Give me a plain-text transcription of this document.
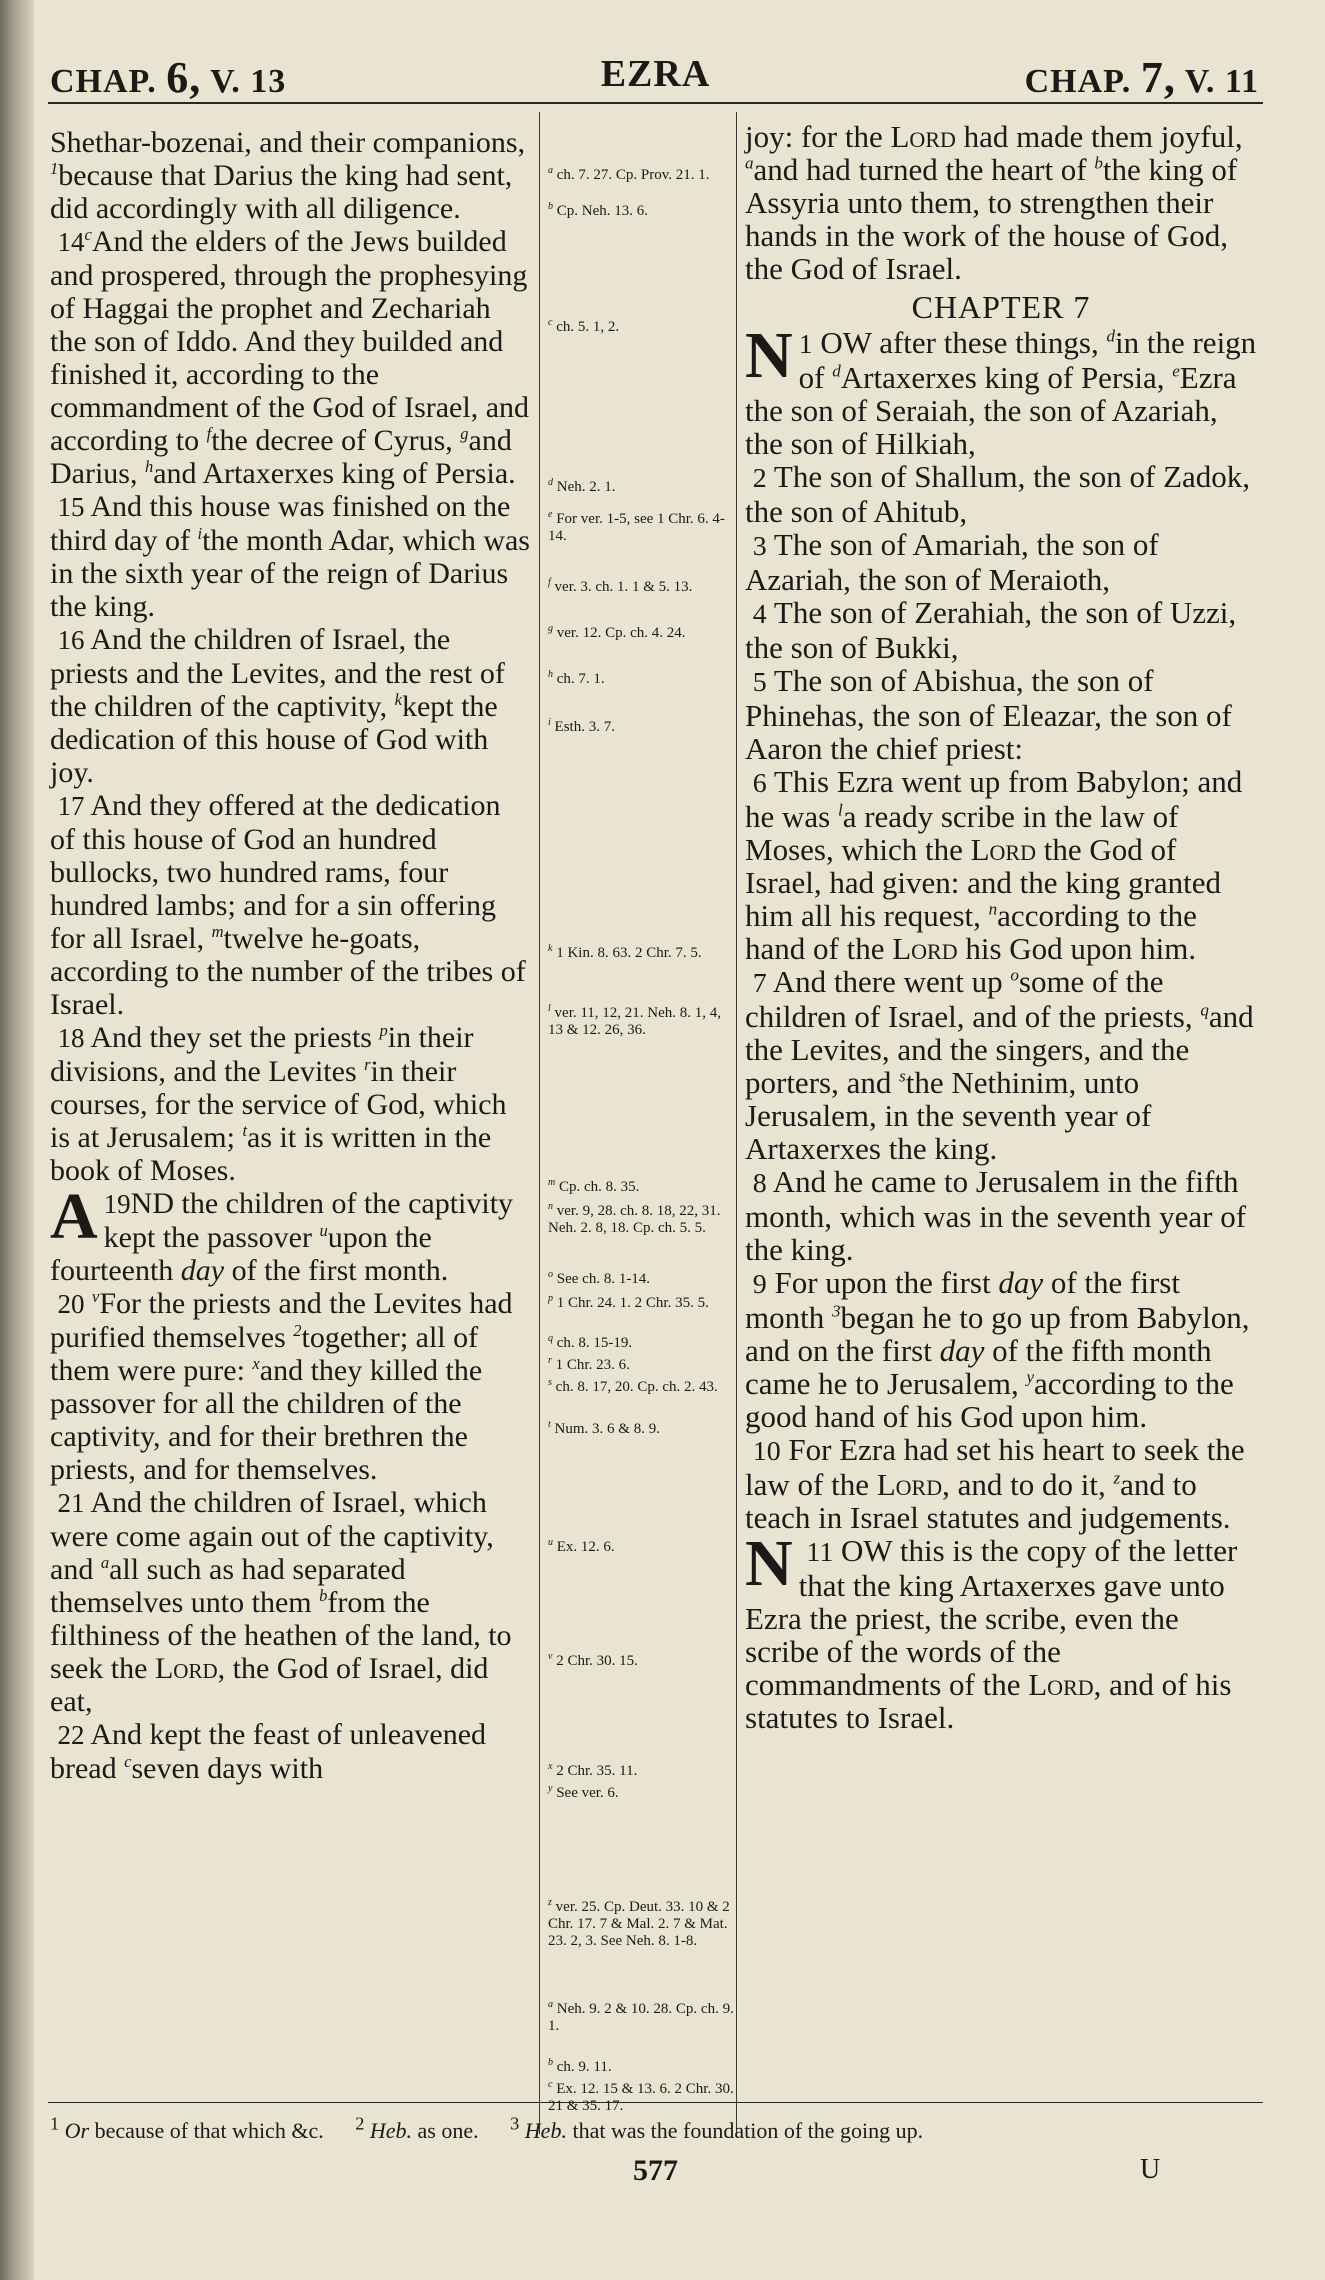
CHAP. 6, V. 13	EZRA	CHAP. 7, V. 11

Shethar-bozenai, and their companions, $^1$because that Darius the king had sent, did accordingly with all diligence.

14$^c$And the elders of the Jews builded and prospered, through the prophesying of Haggai the prophet and Zechariah the son of Iddo. And they builded and finished it, according to the commandment of the God of Israel, and according to $^f$the decree of Cyrus, $^g$and Darius, $^h$and Artaxerxes king of Persia.

15 And this house was finished on the third day of $^i$the month Adar, which was in the sixth year of the reign of Darius the king.

16 And the children of Israel, the priests and the Levites, and the rest of the children of the captivity, $^k$kept the dedication of this house of God with joy.

17 And they offered at the dedication of this house of God an hundred bullocks, two hundred rams, four hundred lambs; and for a sin offering for all Israel, $^m$twelve he-goats, according to the number of the tribes of Israel.

18 And they set the priests $^p$in their divisions, and the Levites $^r$in their courses, for the service of God, which is at Jerusalem; $^t$as it is written in the book of Moses.

19
A ND the children of the captivity kept the passover $^u$upon the fourteenth day of the first month.

20 $^v$For the priests and the Levites had purified themselves $^2$together; all of them were pure: $^x$and they killed the passover for all the children of the captivity, and for their brethren the priests, and for themselves.

21 And the children of Israel, which were come again out of the captivity, and $^a$all such as had separated themselves unto them $^b$from the filthiness of the heathen of the land, to seek the Lord, the God of Israel, did eat,

22 And kept the feast of unleavened bread $^c$seven days with

$^a$ ch. 7. 27. Cp. Prov. 21. 1.
$^b$ Cp. Neh. 13. 6.
$^c$ ch. 5. 1, 2.
$^d$ Neh. 2. 1.
$^e$ For ver. 1-5, see 1 Chr. 6. 4-14.
$^f$ ver. 3. ch. 1. 1 & 5. 13.
$^g$ ver. 12. Cp. ch. 4. 24.
$^h$ ch. 7. 1.
$^i$ Esth. 3. 7.
$^k$ 1 Kin. 8. 63. 2 Chr. 7. 5.
$^l$ ver. 11, 12, 21. Neh. 8. 1, 4, 13 & 12. 26, 36.
$^m$ Cp. ch. 8. 35.
$^n$ ver. 9, 28. ch. 8. 18, 22, 31. Neh. 2. 8, 18. Cp. ch. 5. 5.
$^o$ See ch. 8. 1-14.
$^p$ 1 Chr. 24. 1. 2 Chr. 35. 5.
$^q$ ch. 8. 15-19.
$^r$ 1 Chr. 23. 6.
$^s$ ch. 8. 17, 20. Cp. ch. 2. 43.
$^t$ Num. 3. 6 & 8. 9.
$^u$ Ex. 12. 6.
$^v$ 2 Chr. 30. 15.
$^x$ 2 Chr. 35. 11.
$^y$ See ver. 6.
$^z$ ver. 25. Cp. Deut. 33. 10 & 2 Chr. 17. 7 & Mal. 2. 7 & Mat. 23. 2, 3. See Neh. 8. 1-8.
$^a$ Neh. 9. 2 & 10. 28. Cp. ch. 9. 1.
$^b$ ch. 9. 11.
$^c$ Ex. 12. 15 & 13. 6. 2 Chr. 30. 21 & 35. 17.

joy: for the Lord had made them joyful, $^a$and had turned the heart of $^b$the king of Assyria unto them, to strengthen their hands in the work of the house of God, the God of Israel.

CHAPTER 7

1
N OW after these things, $^d$in the reign of $^d$Artaxerxes king of Persia, $^e$Ezra the son of Seraiah, the son of Azariah, the son of Hilkiah,

2 The son of Shallum, the son of Zadok, the son of Ahitub,

3 The son of Amariah, the son of Azariah, the son of Meraioth,

4 The son of Zerahiah, the son of Uzzi, the son of Bukki,

5 The son of Abishua, the son of Phinehas, the son of Eleazar, the son of Aaron the chief priest:

6 This Ezra went up from Babylon; and he was $^l$a ready scribe in the law of Moses, which the Lord the God of Israel, had given: and the king granted him all his request, $^n$according to the hand of the Lord his God upon him.

7 And there went up $^o$some of the children of Israel, and of the priests, $^q$and the Levites, and the singers, and the porters, and $^s$the Nethinim, unto Jerusalem, in the seventh year of Artaxerxes the king.

8 And he came to Jerusalem in the fifth month, which was in the seventh year of the king.

9 For upon the first day of the first month $^3$began he to go up from Babylon, and on the first day of the fifth month came he to Jerusalem, $^y$according to the good hand of his God upon him.

10 For Ezra had set his heart to seek the law of the Lord, and to do it, $^z$and to teach in Israel statutes and judgements.

11
N OW this is the copy of the letter that the king Artaxerxes gave unto Ezra the priest, the scribe, even the scribe of the words of the commandments of the Lord, and of his statutes to Israel.

$^1$ Or because of that which &c. $^2$ Heb. as one. $^3$ Heb. that was the foundation of the going up.
577	U
